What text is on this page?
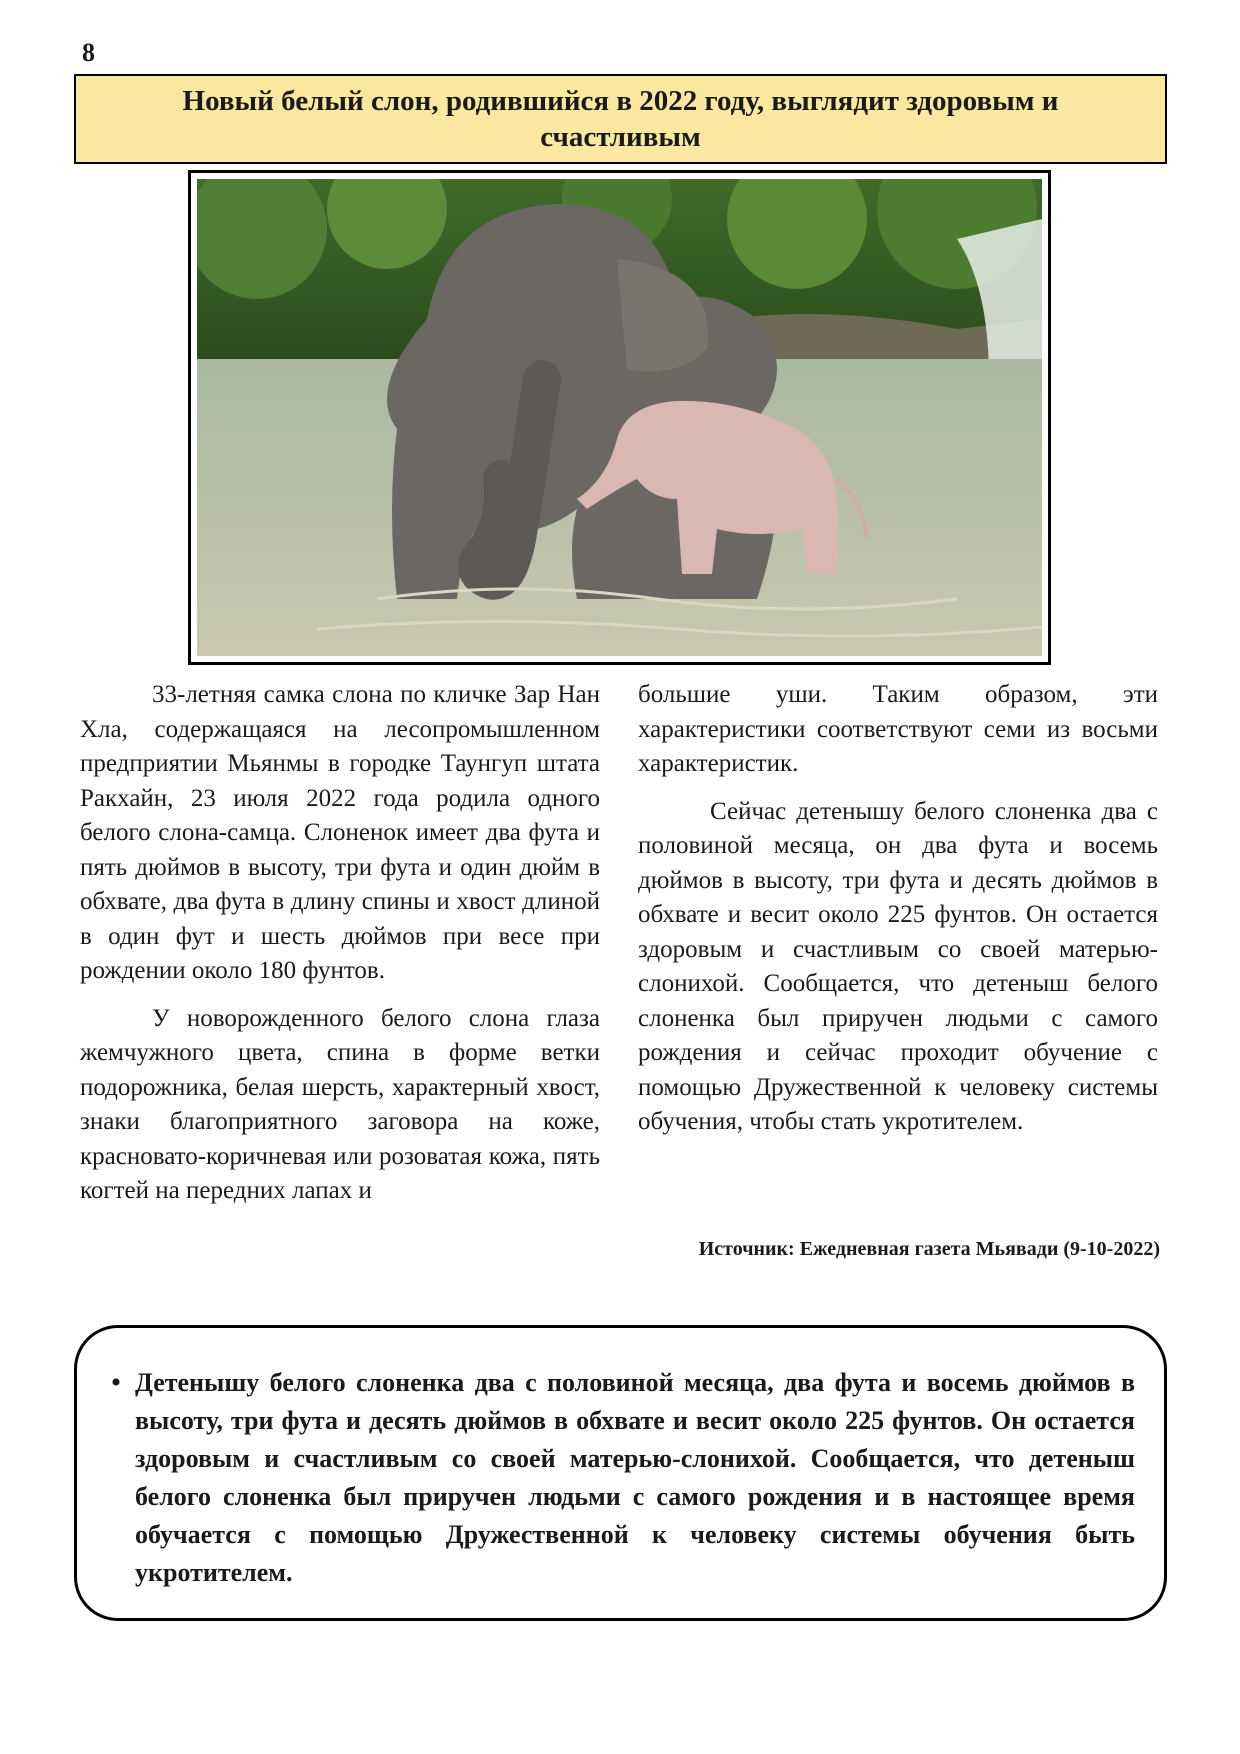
8
Новый белый слон, родившийся в 2022 году, выглядит здоровым и счастливым

33-летняя самка слона по кличке Зар Нан Хла, содержащаяся на лесопромышленном предприятии Мьянмы в городке Таунгуп штата Ракхайн, 23 июля 2022 года родила одного белого слона-самца. Слоненок имеет два фута и пять дюймов в высоту, три фута и один дюйм в обхвате, два фута в длину спины и хвост длиной в один фут и шесть дюймов при весе при рождении около 180 фунтов.

У новорожденного белого слона глаза жемчужного цвета, спина в форме ветки подорожника, белая шерсть, характерный хвост, знаки благоприятного заговора на коже, красновато-коричневая или розоватая кожа, пять когтей на передних лапах и

большие уши. Таким образом, эти характеристики соответствуют семи из восьми характеристик.

Сейчас детенышу белого слоненка два с половиной месяца, он два фута и восемь дюймов в высоту, три фута и десять дюймов в обхвате и весит около 225 фунтов. Он остается здоровым и счастливым со своей матерью-слонихой. Сообщается, что детеныш белого слоненка был приручен людьми с самого рождения и сейчас проходит обучение с помощью Дружественной к человеку системы обучения, чтобы стать укротителем.

Источник: Ежедневная газета Мьявади (9-10-2022)
• Детенышу белого слоненка два с половиной месяца, два фута и восемь дюймов в высоту, три фута и десять дюймов в обхвате и весит около 225 фунтов. Он остается здоровым и счастливым со своей матерью-слонихой. Сообщается, что детеныш белого слоненка был приручен людьми с самого рождения и в настоящее время обучается с помощью Дружественной к человеку системы обучения быть укротителем.
